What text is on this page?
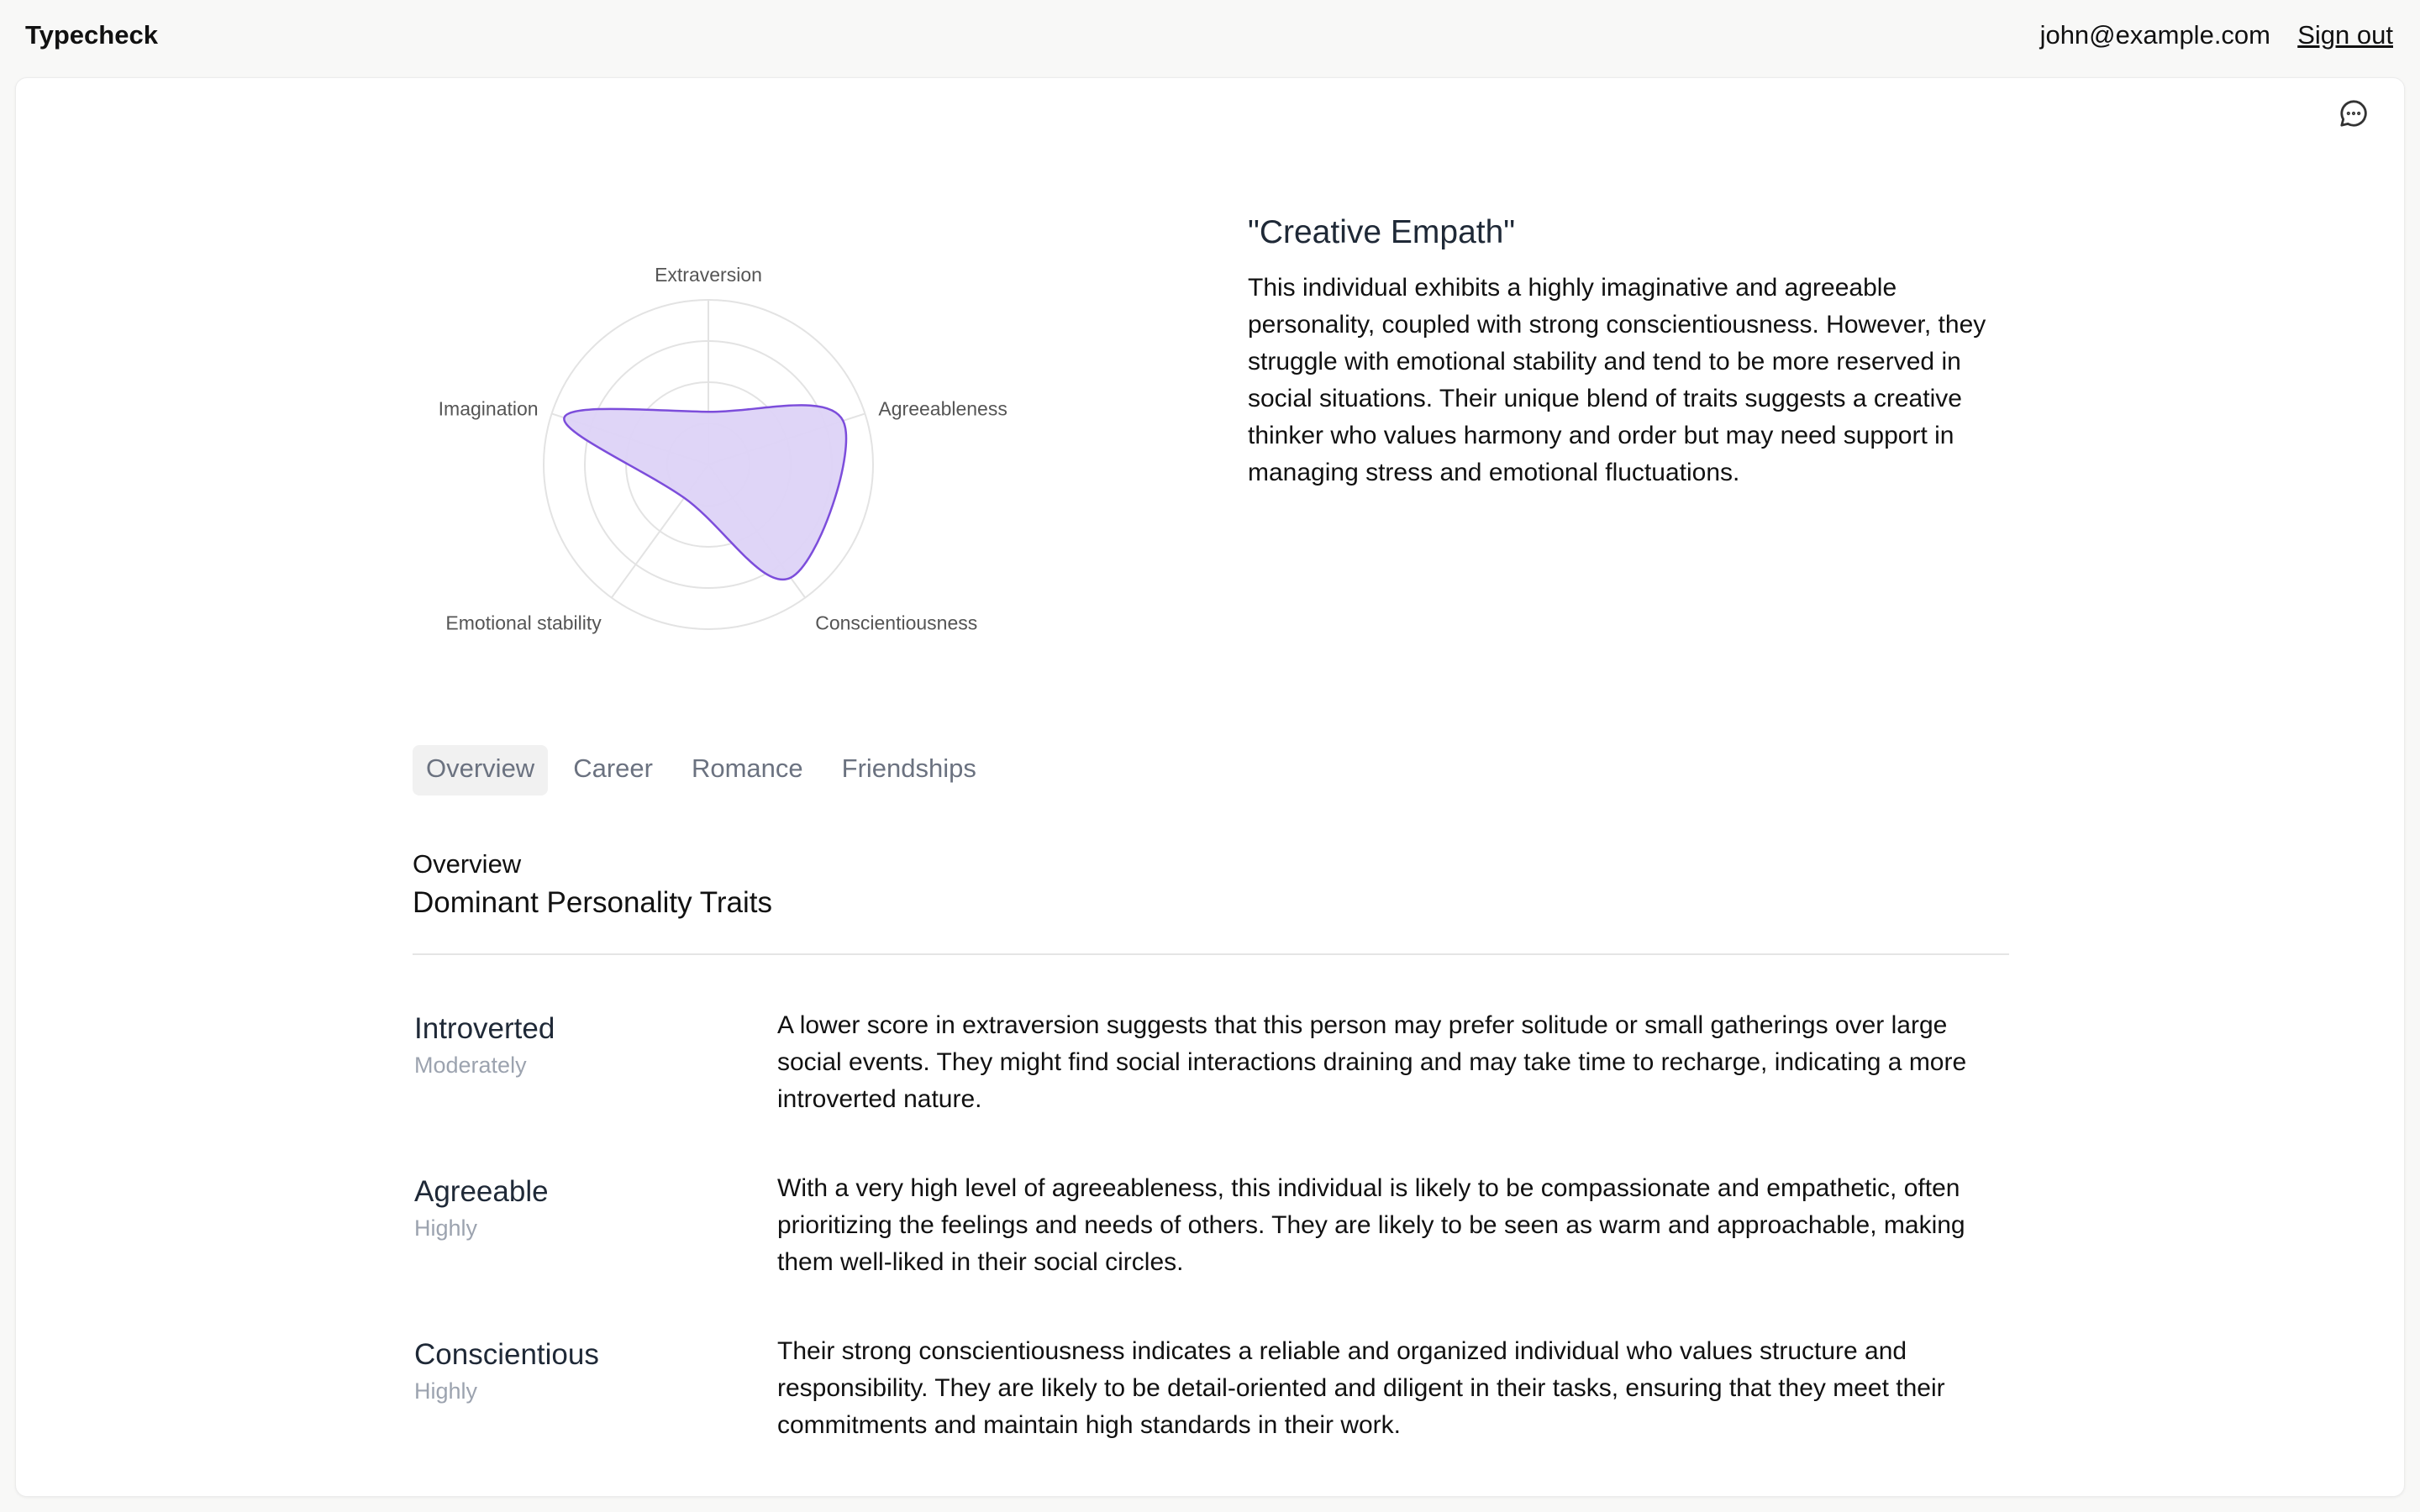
Typecheck	john@example.com Sign out
Extraversion
Agreeableness
Conscientiousness
Emotional stability
Imagination
"Creative Empath"
This individual exhibits a highly imaginative and agreeable personality, coupled with strong conscientiousness. However, they struggle with emotional stability and tend to be more reserved in social situations. Their unique blend of traits suggests a creative thinker who values harmony and order but may need support in managing stress and emotional fluctuations.
Overview	Career	Romance	Friendships
Overview
Dominant Personality Traits
Introverted
Moderately
A lower score in extraversion suggests that this person may prefer solitude or small gatherings over large social events. They might find social interactions draining and may take time to recharge, indicating a more introverted nature.
Agreeable
Highly
With a very high level of agreeableness, this individual is likely to be compassionate and empathetic, often prioritizing the feelings and needs of others. They are likely to be seen as warm and approachable, making them well-liked in their social circles.
Conscientious
Highly
Their strong conscientiousness indicates a reliable and organized individual who values structure and responsibility. They are likely to be detail-oriented and diligent in their tasks, ensuring that they meet their commitments and maintain high standards in their work.
